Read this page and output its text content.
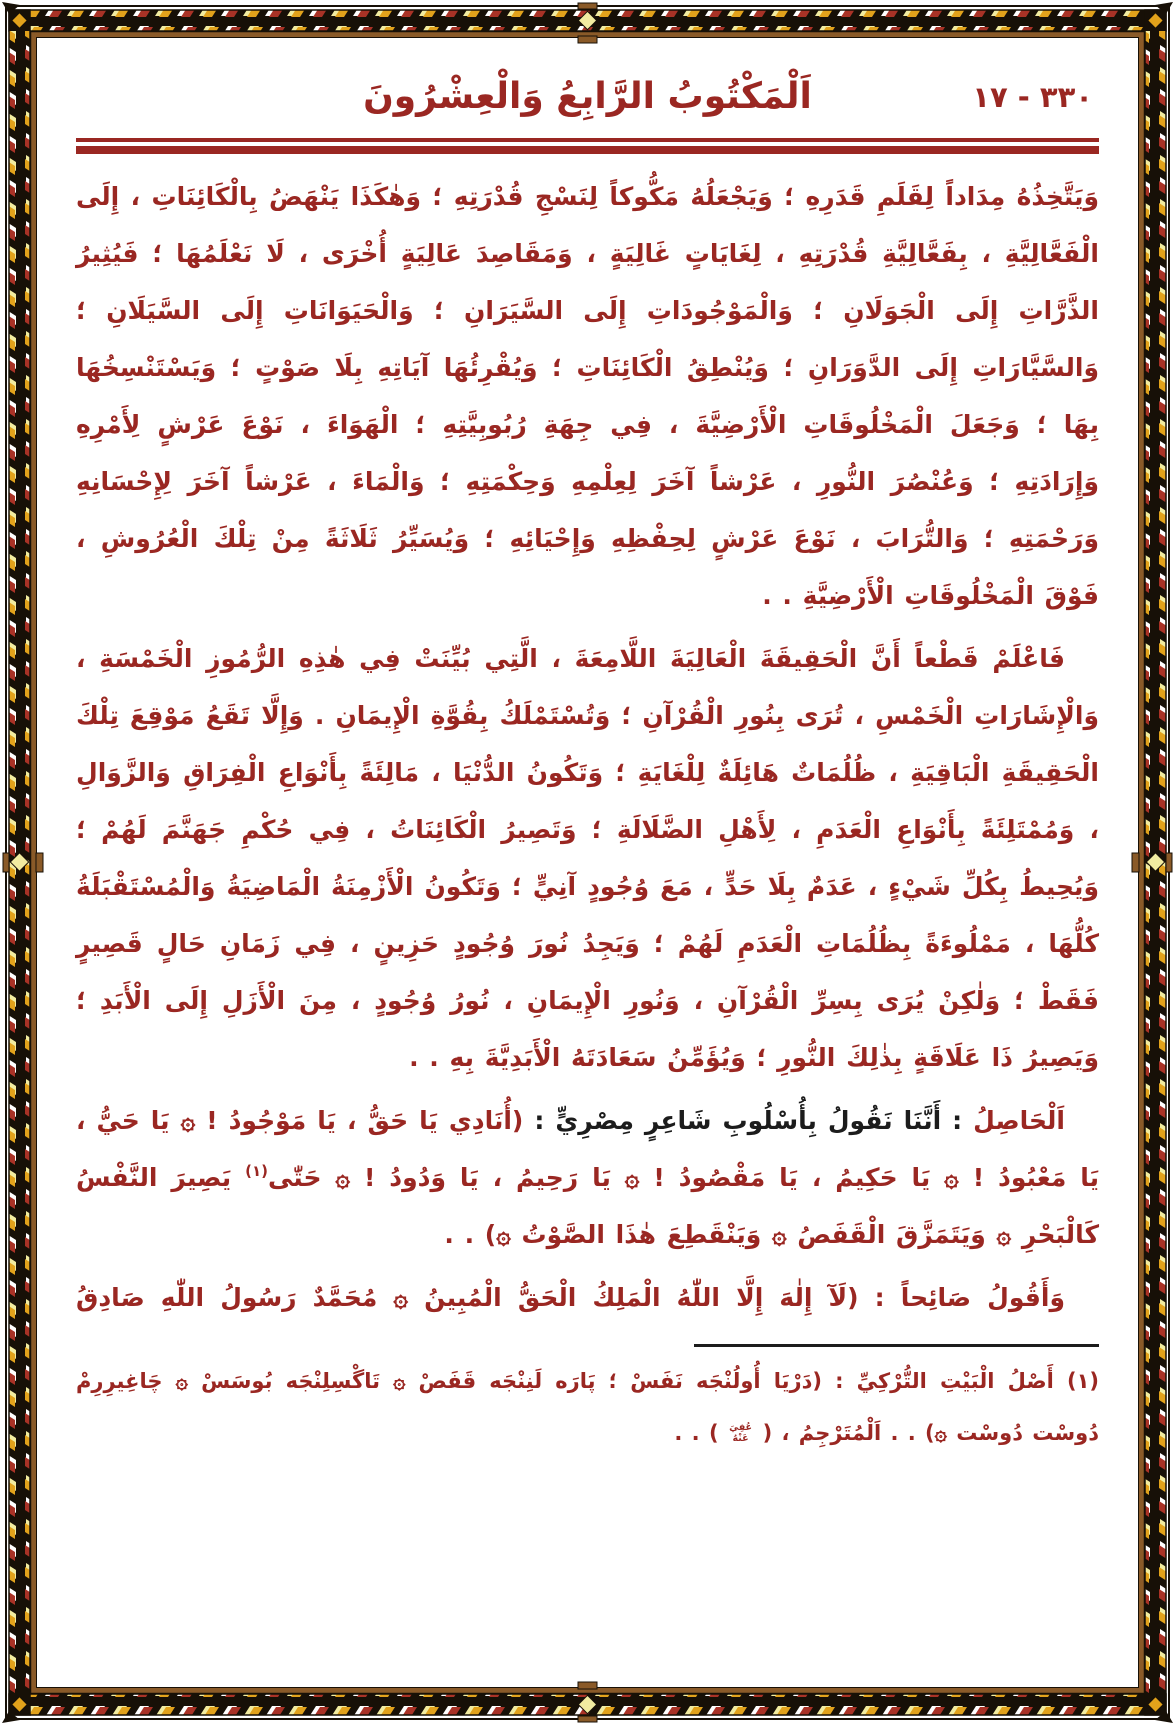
اَلْمَكْتُوبُ الرَّابِعُ وَالْعِشْرُونَ	٣٣٠ - ١٧

وَيَتَّخِذُهُ مِدَاداً لِقَلَمِ قَدَرِهِ ؛ وَيَجْعَلُهُ مَكُّوكاً لِنَسْجِ قُدْرَتِهِ ؛ وَهٰكَذَا يَنْهَضُ بِالْكَائِنَاتِ ، إِلَى الْفَعَّالِيَّةِ ، بِفَعَّالِيَّةِ قُدْرَتِهِ ، لِغَايَاتٍ غَالِيَةٍ ، وَمَقَاصِدَ عَالِيَةٍ أُخْرَى ، لَا نَعْلَمُهَا ؛ فَيُثِيرُ الذَّرَّاتِ إِلَى الْجَوَلَانِ ؛ وَالْمَوْجُودَاتِ إِلَى السَّيَرَانِ ؛ وَالْحَيَوَانَاتِ إِلَى السَّيَلَانِ ؛ وَالسَّيَّارَاتِ إِلَى الدَّوَرَانِ ؛ وَيُنْطِقُ الْكَائِنَاتِ ؛ وَيُقْرِئُهَا آيَاتِهِ بِلَا صَوْتٍ ؛ وَيَسْتَنْسِخُهَا بِهَا ؛ وَجَعَلَ الْمَخْلُوقَاتِ الْأَرْضِيَّةَ ، فِي جِهَةِ رُبُوبِيَّتِهِ ؛ الْهَوَاءَ ، نَوْعَ عَرْشٍ لِأَمْرِهِ وَإِرَادَتِهِ ؛ وَعُنْصُرَ النُّورِ ، عَرْشاً آخَرَ لِعِلْمِهِ وَحِكْمَتِهِ ؛ وَالْمَاءَ ، عَرْشاً آخَرَ لِإِحْسَانِهِ وَرَحْمَتِهِ ؛ وَالتُّرَابَ ، نَوْعَ عَرْشٍ لِحِفْظِهِ وَإِحْيَائِهِ ؛ وَيُسَيِّرُ ثَلَاثَةً مِنْ تِلْكَ الْعُرُوشِ ، فَوْقَ الْمَخْلُوقَاتِ الْأَرْضِيَّةِ . .

فَاعْلَمْ قَطْعاً أَنَّ الْحَقِيقَةَ الْعَالِيَةَ اللَّامِعَةَ ، الَّتِي بُيِّنَتْ فِي هٰذِهِ الرُّمُوزِ الْخَمْسَةِ ، وَالْإِشَارَاتِ الْخَمْسِ ، تُرَى بِنُورِ الْقُرْآنِ ؛ وَتُسْتَمْلَكُ بِقُوَّةِ الْإِيمَانِ . وَإِلَّا تَقَعُ مَوْقِعَ تِلْكَ الْحَقِيقَةِ الْبَاقِيَةِ ، ظُلُمَاتٌ هَائِلَةٌ لِلْغَايَةِ ؛ وَتَكُونُ الدُّنْيَا ، مَالِئَةً بِأَنْوَاعِ الْفِرَاقِ وَالزَّوَالِ ، وَمُمْتَلِئَةً بِأَنْوَاعِ الْعَدَمِ ، لِأَهْلِ الضَّلَالَةِ ؛ وَتَصِيرُ الْكَائِنَاتُ ، فِي حُكْمِ جَهَنَّمَ لَهُمْ ؛ وَيُحِيطُ بِكُلِّ شَيْءٍ ، عَدَمٌ بِلَا حَدٍّ ، مَعَ وُجُودٍ آنِيٍّ ؛ وَتَكُونُ الْأَزْمِنَةُ الْمَاضِيَةُ وَالْمُسْتَقْبَلَةُ كُلُّهَا ، مَمْلُوءَةً بِظُلُمَاتِ الْعَدَمِ لَهُمْ ؛ وَيَجِدُ نُورَ وُجُودٍ حَزِينٍ ، فِي زَمَانِ حَالٍ قَصِيرٍ فَقَطْ ؛ وَلٰكِنْ يُرَى بِسِرِّ الْقُرْآنِ ، وَنُورِ الْإِيمَانِ ، نُورُ وُجُودٍ ، مِنَ الْأَزَلِ إِلَى الْأَبَدِ ؛ وَيَصِيرُ ذَا عَلَاقَةٍ بِذٰلِكَ النُّورِ ؛ وَيُؤَمِّنُ سَعَادَتَهُ الْأَبَدِيَّةَ بِهِ . .

اَلْحَاصِلُ : أَنَّنَا نَقُولُ بِأُسْلُوبِ شَاعِرٍ مِصْرِيٍّ : (أُنَادِي يَا حَقُّ ، يَا مَوْجُودُ ! ۞ يَا حَيُّ ، يَا مَعْبُودُ ! ۞ يَا حَكِيمُ ، يَا مَقْصُودُ ! ۞ يَا رَحِيمُ ، يَا وَدُودُ ! ۞ حَتّٰى$^{(١)}$ يَصِيرَ النَّفْسُ كَالْبَحْرِ ۞ وَيَتَمَزَّقَ الْقَفَصُ ۞ وَيَنْقَطِعَ هٰذَا الصَّوْتُ ۞) . .

وَأَقُولُ صَائِحاً : (لَآ إِلٰهَ إِلَّا اللّٰهُ الْمَلِكُ الْحَقُّ الْمُبِينُ ۞ مُحَمَّدٌ رَسُولُ اللّٰهِ صَادِقُ

(١) أَصْلُ الْبَيْتِ التُّرْكِيِّ : (دَرْيَا أُولُنْجَه نَفَسْ ؛ پَارَه لَنِنْجَه قَفَصْ ۞ تَاگْسِلِنْجَه بُوسَسْ ۞ چَاغِيرِرِمْ دُوسْت دُوسْت ۞) . . اَلْمُتَرْجِمُ ، (عُفِيَ عَنْهُ) . .
